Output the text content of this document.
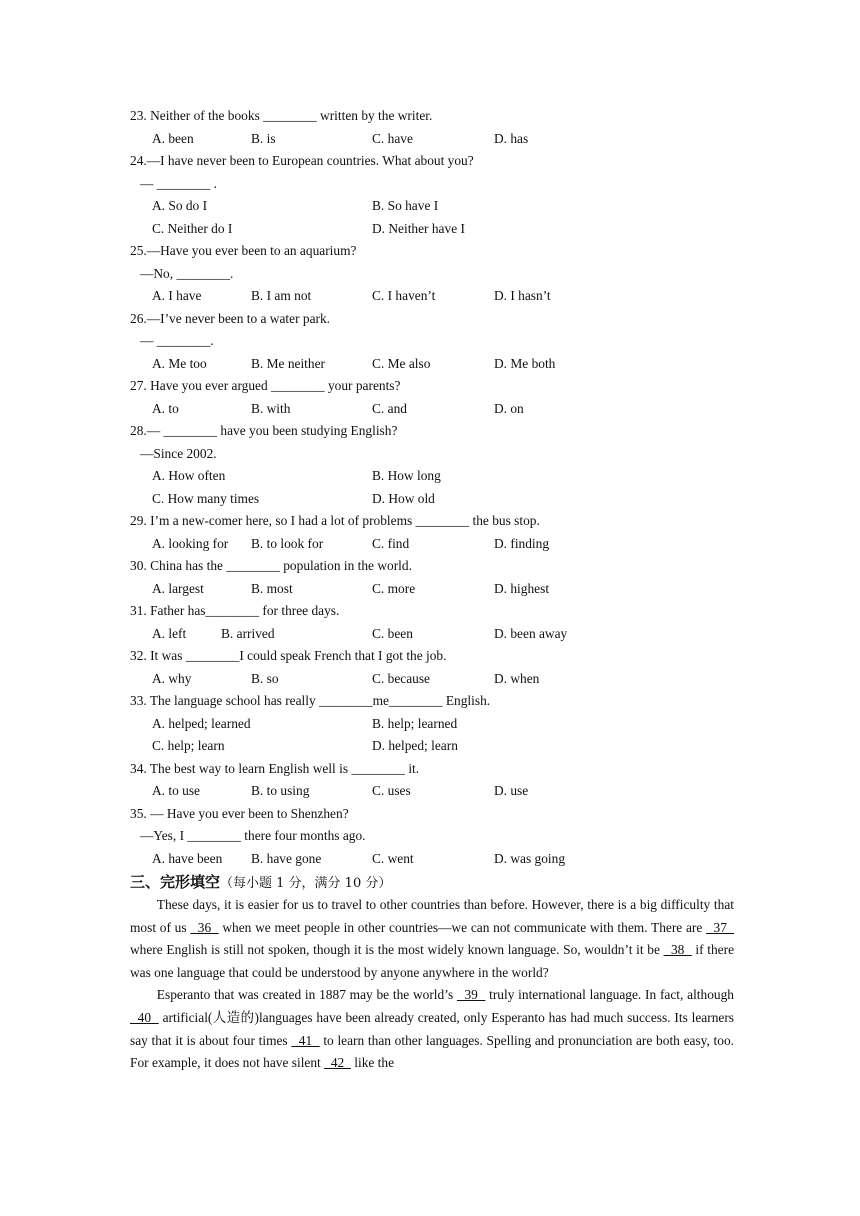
23. Neither of the books ________ written by the writer.
A. been	B. is	C. have	D. has
24.—I have never been to European countries. What about you?
— ________ .
A. So do I	B. So have I
C. Neither do I	D. Neither have I
25.—Have you ever been to an aquarium?
—No, ________.
A. I have	B. I am not	C. I haven’t	D. I hasn’t
26.—I’ve never been to a water park.
— ________.
A. Me too	B. Me neither	C. Me also	D. Me both
27. Have you ever argued ________ your parents?
A. to	B. with	C. and	D. on
28.— ________ have you been studying English?
—Since 2002.
A. How often	B. How long
C. How many times	D. How old
29. I’m a new-comer here, so I had a lot of problems ________ the bus stop.
A. looking for B. to look for	C. find	D. finding
30. China has the ________ population in the world.
A. largest	B. most	C. more	D. highest
31. Father has________ for three days.
A. left	B. arrived	C. been	D. been away
32. It was ________I could speak French that I got the job.
A. why	B. so	C. because	D. when
33. The language school has really ________me________ English.
A. helped; learned	B. help; learned
C. help; learn	D. helped; learn
34. The best way to learn English well is ________ it.
A. to use	B. to using	C. uses	D. use
35. — Have you ever been to Shenzhen?
—Yes, I ________ there four months ago.
A. have been B. have gone	C. went	D. was going
三、完形填空（每小题 1 分，满分 10 分）

These days, it is easier for us to travel to other countries than before. However, there is a big difficulty that most of us   36   when we meet people in other countries—we can not communicate with them. There are   37   where English is still not spoken, though it is the most widely known language. So, wouldn’t it be   38   if there was one language that could be understood by anyone anywhere in the world?

Esperanto that was created in 1887 may be the world’s   39   truly international language. In fact, although   40   artificial(人造的)languages have been already created, only Esperanto has had much success. Its learners say that it is about four times   41   to learn than other languages. Spelling and pronunciation are both easy, too. For example, it does not have silent   42   like the
